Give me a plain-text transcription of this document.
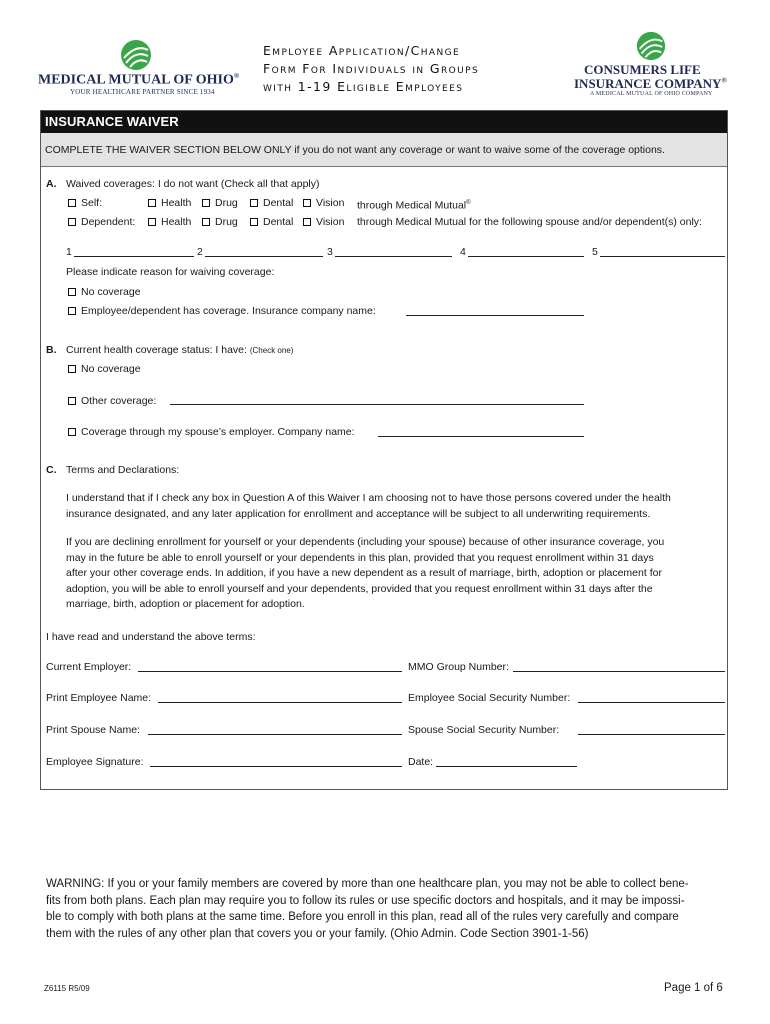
MEDICAL MUTUAL OF OHIO®
YOUR HEALTHCARE PARTNER SINCE 1934
Employee Application/Change
Form For Individuals in Groups
with 1-19 Eligible Employees
CONSUMERS LIFE
INSURANCE COMPANY®
A MEDICAL MUTUAL OF OHIO COMPANY
INSURANCE WAIVER
COMPLETE THE WAIVER SECTION BELOW ONLY if you do not want any coverage or want to waive some of the coverage options.
A. Waived coverages: I do not want (Check all that apply)
Self:	Health	Drug	Dental	Vision through Medical Mutual®
Dependent:	Health	Drug	Dental	Vision through Medical Mutual for the following spouse and/or dependent(s) only:
1	2	3	4	5
Please indicate reason for waiving coverage:
No coverage
Employee/dependent has coverage. Insurance company name:
B. Current health coverage status: I have: (Check one)
No coverage
Other coverage:
Coverage through my spouse’s employer. Company name:
C. Terms and Declarations:
I understand that if I check any box in Question A of this Waiver I am choosing not to have those persons covered under the health
insurance designated, and any later application for enrollment and acceptance will be subject to all underwriting requirements.
If you are declining enrollment for yourself or your dependents (including your spouse) because of other insurance coverage, you
may in the future be able to enroll yourself or your dependents in this plan, provided that you request enrollment within 31 days
after your other coverage ends. In addition, if you have a new dependent as a result of marriage, birth, adoption or placement for
adoption, you will be able to enroll yourself and your dependents, provided that you request enrollment within 31 days after the
marriage, birth, adoption or placement for adoption.
I have read and understand the above terms:
Current Employer:	MMO Group Number:
Print Employee Name:	Employee Social Security Number:
Print Spouse Name:	Spouse Social Security Number:
Employee Signature:	Date:
WARNING: If you or your family members are covered by more than one healthcare plan, you may not be able to collect bene-
fits from both plans. Each plan may require you to follow its rules or use specific doctors and hospitals, and it may be impossi-
ble to comply with both plans at the same time. Before you enroll in this plan, read all of the rules very carefully and compare
them with the rules of any other plan that covers you or your family. (Ohio Admin. Code Section 3901-1-56)
Z6115 R5/09	Page 1 of 6
